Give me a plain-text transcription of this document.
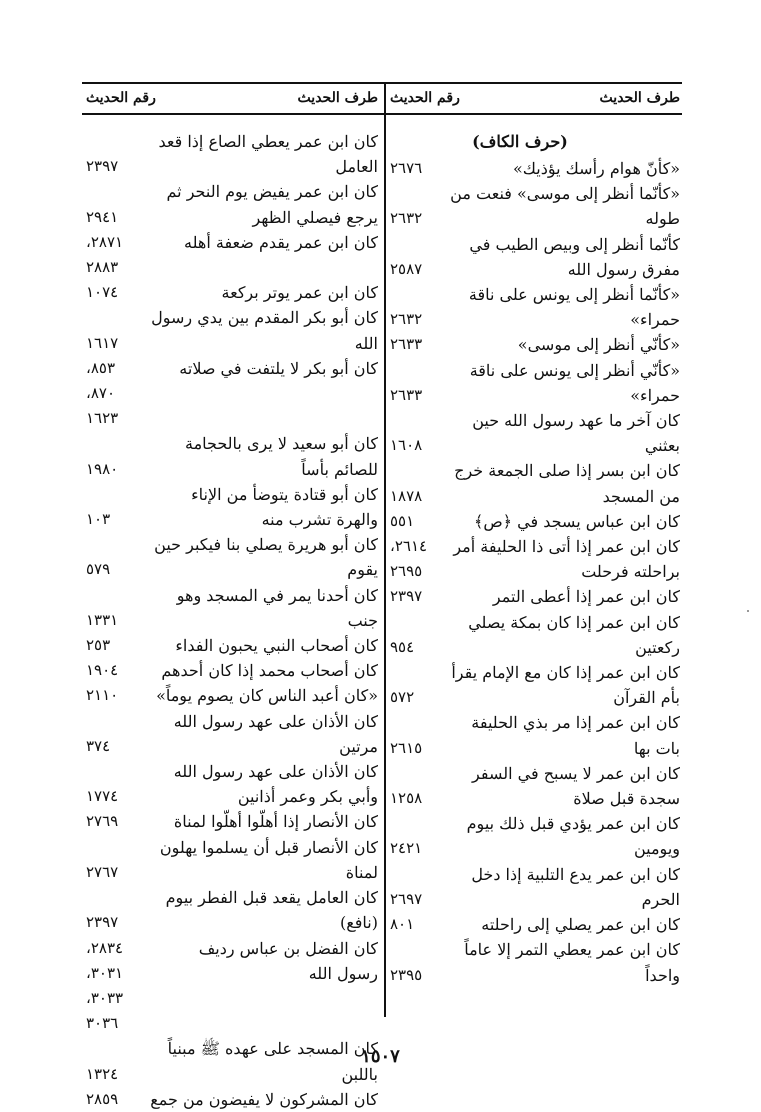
طرف الحديث
رقم الحديث
طرف الحديث
رقم الحديث
(حرف الكاف)
«كأنّ هوام رأسك يؤذيك»
٢٦٧٦
«كأنّما أنظر إلى موسى» فنعت من
طوله
٢٦٣٢
كأنّما أنظر إلى وبيص الطيب في
مفرق رسول الله
٢٥٨٧
«كأنّما أنظر إلى يونس على ناقة
حمراء»
٢٦٣٢
«كأنّي أنظر إلى موسى»
٢٦٣٣
«كأنّي أنظر إلى يونس على ناقة حمراء»
٢٦٣٣
كان آخر ما عهد رسول الله حين
بعثني
١٦٠٨
كان ابن بسر إذا صلى الجمعة خرج
من المسجد
١٨٧٨
كان ابن عباس يسجد في ﴿ص﴾
٥٥١
كان ابن عمر إذا أتى ذا الحليفة أمر
براحلته فرحلت
٢٦١٤، ٢٦٩٥
كان ابن عمر إذا أعطى التمر
٢٣٩٧
كان ابن عمر إذا كان بمكة يصلي
ركعتين
٩٥٤
كان ابن عمر إذا كان مع الإمام يقرأ
بأم القرآن
٥٧٢
كان ابن عمر إذا مر بذي الحليفة
بات بها
٢٦١٥
كان ابن عمر لا يسبح في السفر
سجدة قبل صلاة
١٢٥٨
كان ابن عمر يؤدي قبل ذلك بيوم
ويومين
٢٤٢١
كان ابن عمر يدع التلبية إذا دخل
الحرم
٢٦٩٧
كان ابن عمر يصلي إلى راحلته
٨٠١
كان ابن عمر يعطي التمر إلا عاماً
واحداً
٢٣٩٥
كان ابن عمر يعطي الصاع إذا قعد
العامل
٢٣٩٧
كان ابن عمر يفيض يوم النحر ثم
يرجع فيصلي الظهر
٢٩٤١
كان ابن عمر يقدم ضعفة أهله
٢٨٧١، ٢٨٨٣
كان ابن عمر يوتر بركعة
١٠٧٤
كان أبو بكر المقدم بين يدي رسول الله
١٦١٧
كان أبو بكر لا يلتفت في صلاته
٨٥٣،
٨٧٠، ١٦٢٣
كان أبو سعيد لا يرى بالحجامة
للصائم بأساً
١٩٨٠
كان أبو قتادة يتوضأ من الإناء
والهرة تشرب منه
١٠٣
كان أبو هريرة يصلي بنا فيكبر حين
يقوم
٥٧٩
كان أحدنا يمر في المسجد وهو
جنب
١٣٣١
كان أصحاب النبي يحبون الفداء
٢٥٣
كان أصحاب محمد إذا كان أحدهم
١٩٠٤
«كان أعبد الناس كان يصوم يوماً»
٢١١٠
كان الأذان على عهد رسول الله مرتين
٣٧٤
كان الأذان على عهد رسول الله
وأبي بكر وعمر أذانين
١٧٧٤
كان الأنصار إذا أهلّوا أهلّوا لمناة
٢٧٦٩
كان الأنصار قبل أن يسلموا يهلون
لمناة
٢٧٦٧
كان العامل يقعد قبل الفطر بيوم
(نافع)
٢٣٩٧
كان الفضل بن عباس رديف
رسول الله
٢٨٣٤، ٣٠٣١، ٣٠٣٣، ٣٠٣٦
كان المسجد على عهده ﷺ مبنياً
باللبن
١٣٢٤
كان المشركون لا يفيضون من جمع
٢٨٥٩
١٥٠٧
